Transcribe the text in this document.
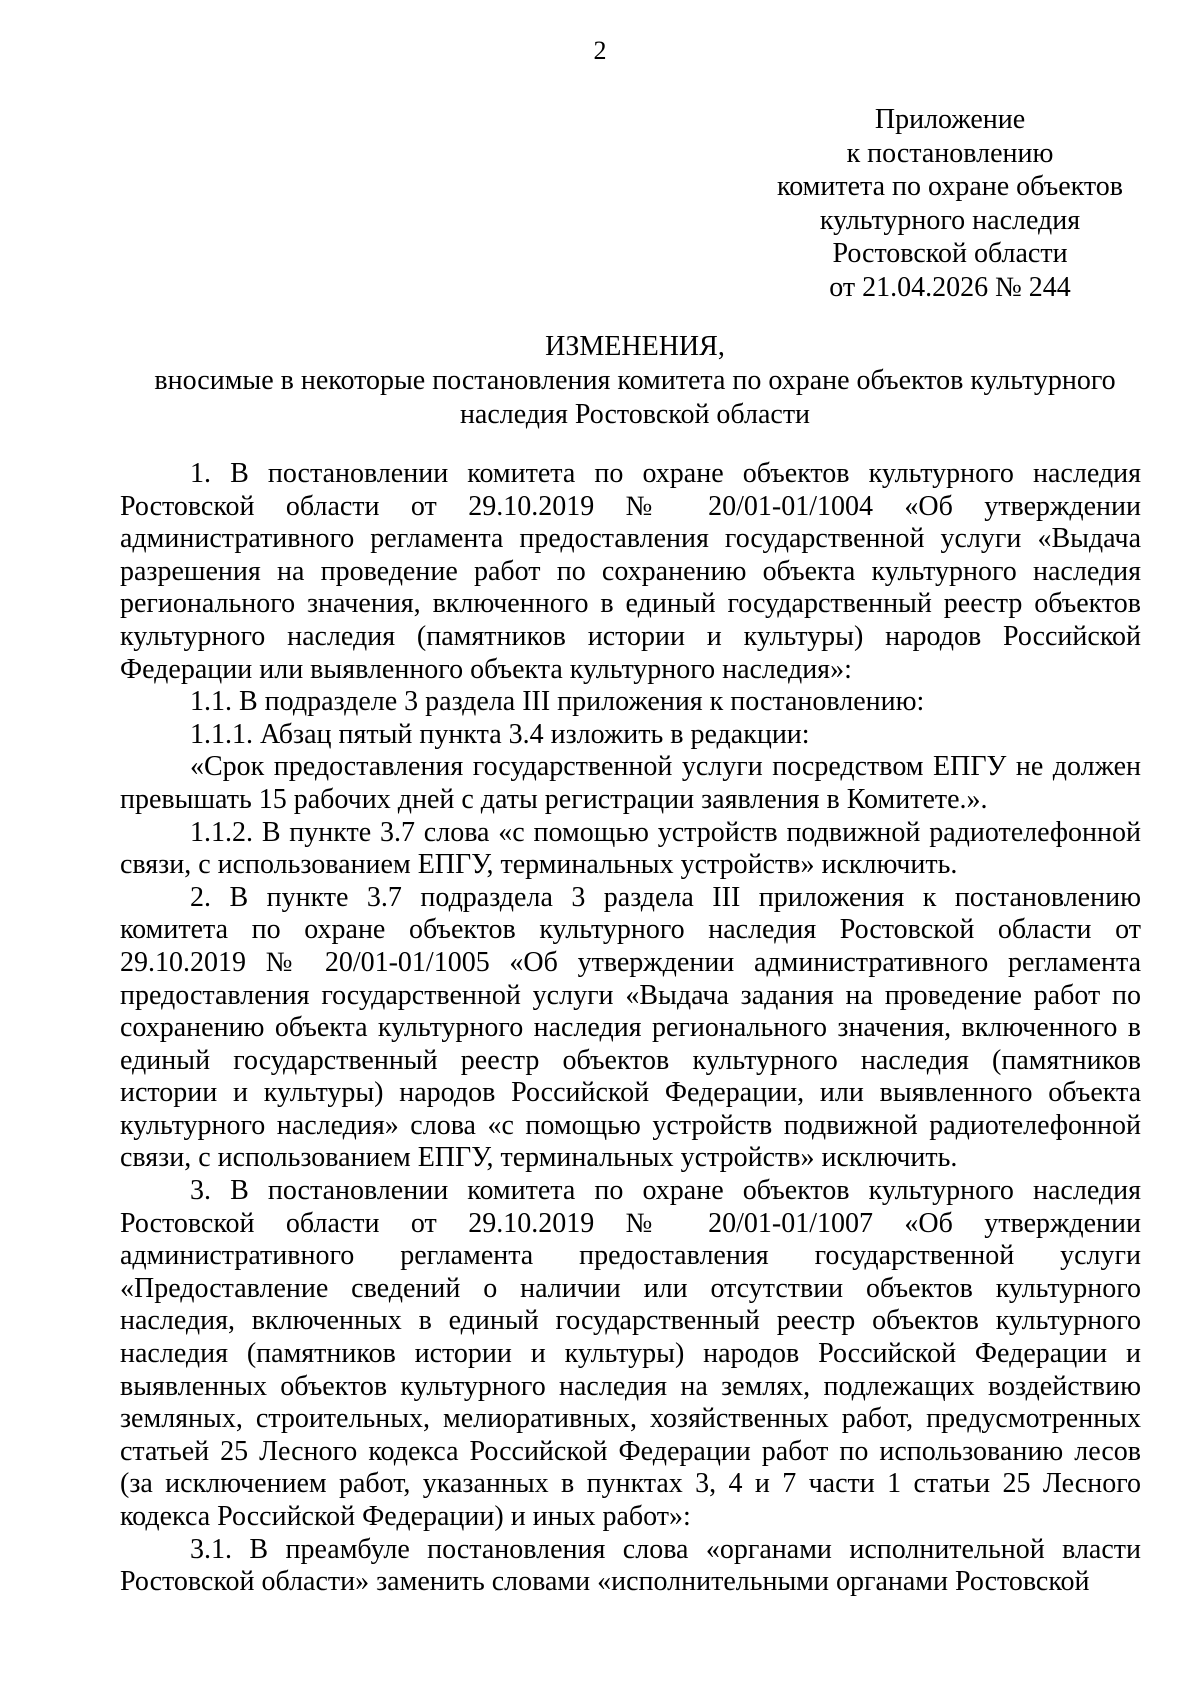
2
Приложение
к постановлению
комитета по охране объектов
культурного наследия
Ростовской области
от 21.04.2026 № 244
ИЗМЕНЕНИЯ,
вносимые в некоторые постановления комитета по охране объектов культурного
наследия Ростовской области

1. В постановлении комитета по охране объектов культурного наследия Ростовской области от 29.10.2019 № 20/01-01/1004 «Об утверждении административного регламента предоставления государственной услуги «Выдача разрешения на проведение работ по сохранению объекта культурного наследия регионального значения, включенного в единый государственный реестр объектов культурного наследия (памятников истории и культуры) народов Российской Федерации или выявленного объекта культурного наследия»:

1.1. В подразделе 3 раздела III приложения к постановлению:

1.1.1. Абзац пятый пункта 3.4 изложить в редакции:

«Срок предоставления государственной услуги посредством ЕПГУ не должен превышать 15 рабочих дней с даты регистрации заявления в Комитете.».

1.1.2. В пункте 3.7 слова «с помощью устройств подвижной радиотелефонной связи, с использованием ЕПГУ, терминальных устройств» исключить.

2. В пункте 3.7 подраздела 3 раздела III приложения к постановлению комитета по охране объектов культурного наследия Ростовской области от 29.10.2019 № 20/01-01/1005 «Об утверждении административного регламента предоставления государственной услуги «Выдача задания на проведение работ по сохранению объекта культурного наследия регионального значения, включенного в единый государственный реестр объектов культурного наследия (памятников истории и культуры) народов Российской Федерации, или выявленного объекта культурного наследия» слова «с помощью устройств подвижной радиотелефонной связи, с использованием ЕПГУ, терминальных устройств» исключить.

3. В постановлении комитета по охране объектов культурного наследия Ростовской области от 29.10.2019 № 20/01-01/1007 «Об утверждении административного регламента предоставления государственной услуги «Предоставление сведений о наличии или отсутствии объектов культурного наследия, включенных в единый государственный реестр объектов культурного наследия (памятников истории и культуры) народов Российской Федерации и выявленных объектов культурного наследия на землях, подлежащих воздействию земляных, строительных, мелиоративных, хозяйственных работ, предусмотренных статьей 25 Лесного кодекса Российской Федерации работ по использованию лесов (за исключением работ, указанных в пунктах 3, 4 и 7 части 1 статьи 25 Лесного кодекса Российской Федерации) и иных работ»:

3.1. В преамбуле постановления слова «органами исполнительной власти Ростовской области» заменить словами «исполнительными органами Ростовской
